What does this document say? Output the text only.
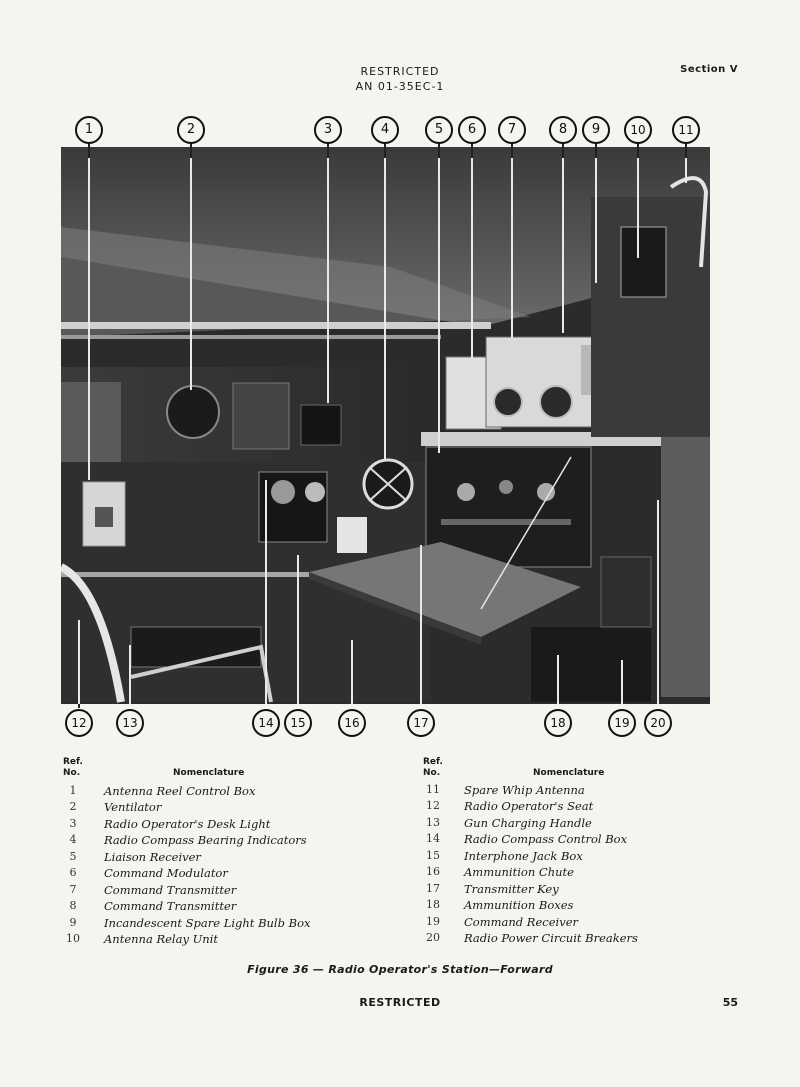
RESTRICTED
AN 01-35EC-1
Section V
1	2	3	4	5	6	7	8	9	10	11
12	13	14	15	16	17	18	19	20
Ref. No.	Nomenclature
1	Antenna Reel Control Box
2	Ventilator
3	Radio Operator's Desk Light
4	Radio Compass Bearing Indicators
5	Liaison Receiver
6	Command Modulator
7	Command Transmitter
8	Command Transmitter
9	Incandescent Spare Light Bulb Box
10 Antenna Relay Unit
Ref. No.	Nomenclature
11 Spare Whip Antenna
12 Radio Operator's Seat
13 Gun Charging Handle
14 Radio Compass Control Box
15 Interphone Jack Box
16 Ammunition Chute
17 Transmitter Key
18 Ammunition Boxes
19 Command Receiver
20 Radio Power Circuit Breakers
Figure 36 — Radio Operator's Station—Forward
RESTRICTED	55
